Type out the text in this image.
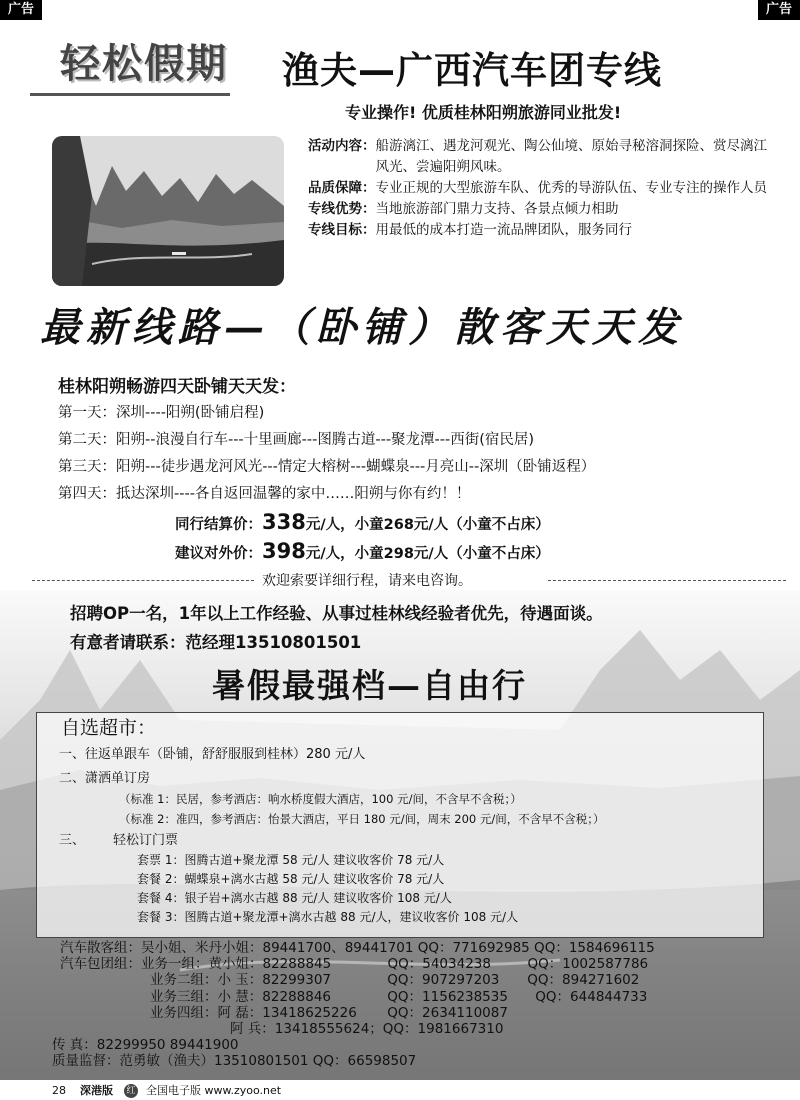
广告	广告
轻松假期 渔夫—广西汽车团专线
专业操作! 优质桂林阳朔旅游同业批发!
活动内容： 船游漓江、遇龙河观光、陶公仙境、原始寻秘溶洞探险、赏尽漓江风光、尝遍阳朔风味。
品质保障： 专业正规的大型旅游车队、优秀的导游队伍、专业专注的操作人员
专线优势： 当地旅游部门鼎力支持、各景点倾力相助
专线目标： 用最低的成本打造一流品牌团队，服务同行
最新线路—（卧铺）散客天天发
桂林阳朔畅游四天卧铺天天发：
第一天：深圳----阳朔(卧铺启程)
第二天：阳朔--浪漫自行车---十里画廊---图腾古道---聚龙潭---西街(宿民居)
第三天：阳朔---徒步遇龙河风光---情定大榕树---蝴蝶泉---月亮山--深圳（卧铺返程）
第四天：抵达深圳----各自返回温馨的家中……阳朔与你有约！！
同行结算价：338元/人，小童268元/人（小童不占床）
建议对外价：398元/人，小童298元/人（小童不占床）
欢迎索要详细行程，请来电咨询。
招聘OP一名，1年以上工作经验、从事过桂林线经验者优先，待遇面谈。
有意者请联系：范经理13510801501
暑假最强档—自由行
自选超市：
一、往返单跟车（卧铺，舒舒服服到桂林）280 元/人
二、潇洒单订房
（标准 1：民居，参考酒店：响水桥度假大酒店，100 元/间，不含早不含税；）
（标准 2：准四，参考酒店：怡景大酒店，平日 180 元/间，周末 200 元/间，不含早不含税；）
三、 轻松订门票
套票 1：图腾古道+聚龙潭 58 元/人 建议收客价 78 元/人
套餐 2：蝴蝶泉+漓水古越 58 元/人 建议收客价 78 元/人
套餐 4：银子岩+漓水古越 88 元/人 建议收客价 108 元/人
套餐 3：图腾古道+聚龙潭+漓水古越 88 元/人，建议收客价 108 元/人
汽车散客组：吴小姐、米丹小姐：89441700、89441701 QQ：771692985 QQ：1584696115
汽车包团组：业务一组：黄小姐：82288845	QQ：54034238	QQ：1002587786
业务二组：小 玉：82299307	QQ：907297203 QQ：894271602
业务三组：小 慧：82288846	QQ：1156238535 QQ：644844733
业务四组：阿 磊：13418625226 QQ：2634110087
阿 兵：13418555624；QQ：1981667310
传 真：82299950 89441900
质量监督：范勇敏（渔夫）13510801501 QQ：66598507
28 深港版 红 全国电子版 www.zyoo.net
